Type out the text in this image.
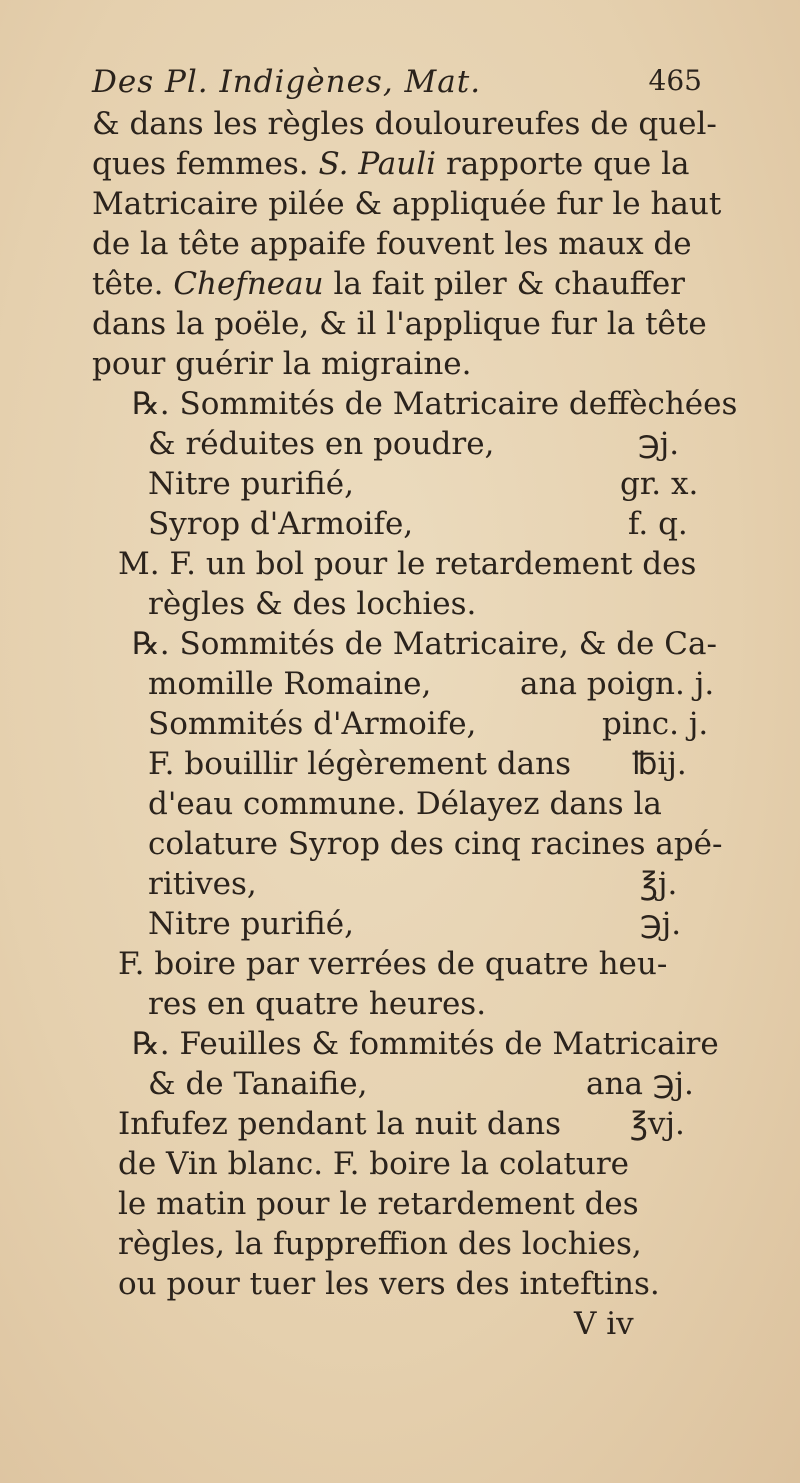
Des Pl. Indigènes, Mat.	465
& dans les règles douloureufes de quel-
ques femmes. S. Pauli rapporte que la
Matricaire pilée & appliquée fur le haut
de la tête appaife fouvent les maux de
tête. Chefneau la fait piler & chauffer
dans la poële, & il l'applique fur la tête
pour guérir la migraine.
℞. Sommités de Matricaire deffèchées
& réduites en poudre,	℈j.
Nitre purifié,	gr. x.
Syrop d'Armoife,	f. q.
M. F. un bol pour le retardement des
règles & des lochies.
℞. Sommités de Matricaire, & de Ca-
momille Romaine,	ana poign. j.
Sommités d'Armoife,	pinc. j.
F. bouillir légèrement dans ℔ij.
d'eau commune. Délayez dans la
colature Syrop des cinq racines apé-
ritives,	℥j.
Nitre purifié,	℈j.
F. boire par verrées de quatre heu-
res en quatre heures.
℞. Feuilles & fommités de Matricaire
& de Tanaifie,	ana ℈j.
Infufez pendant la nuit dans ℥vj.
de Vin blanc. F. boire la colature
le matin pour le retardement des
règles, la fuppreffion des lochies,
ou pour tuer les vers des inteftins.
V iv
